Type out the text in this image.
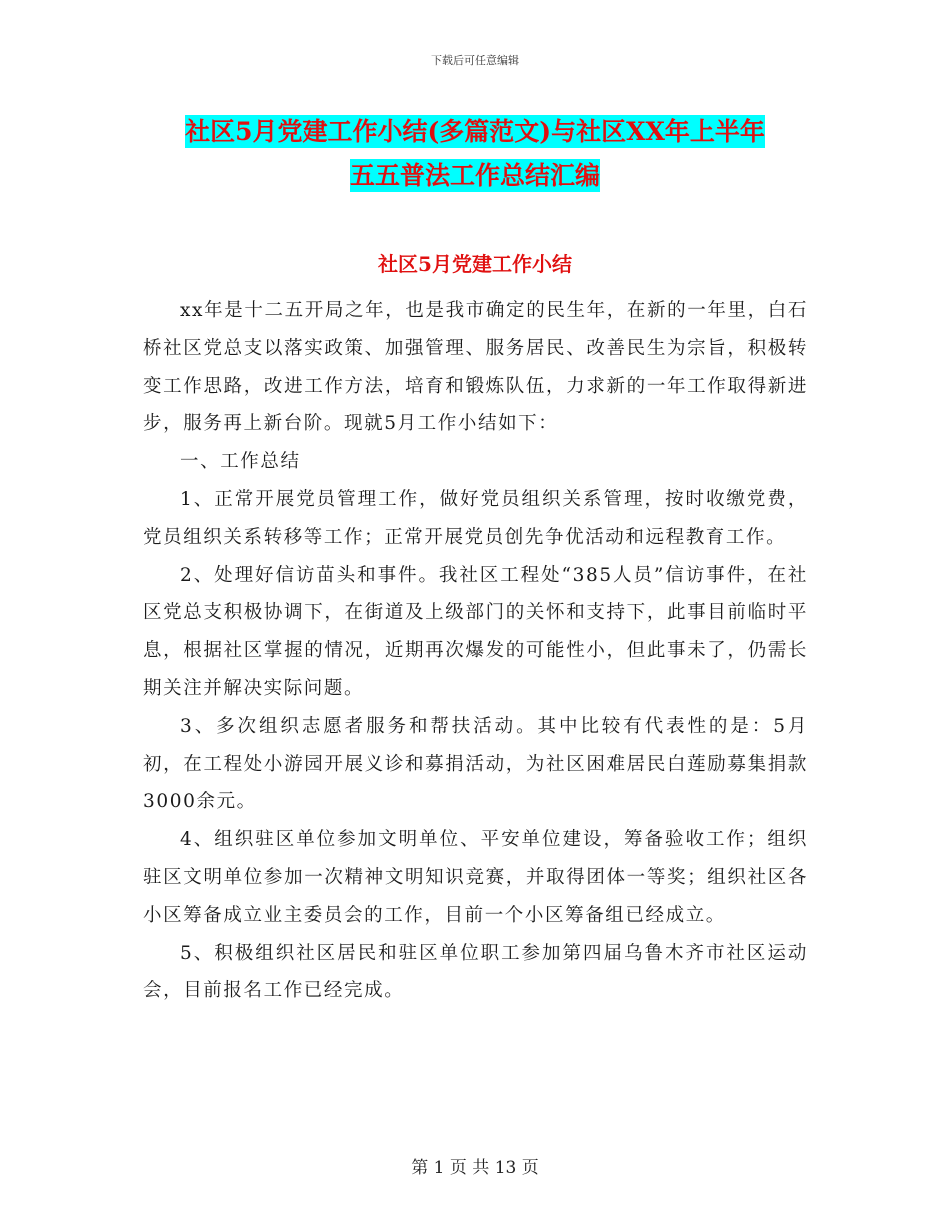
下载后可任意编辑
社区5月党建工作小结(多篇范文)与社区XX年上半年
五五普法工作总结汇编
社区5月党建工作小结

xx年是十二五开局之年，也是我市确定的民生年，在新的一年里，白石桥社区党总支以落实政策、加强管理、服务居民、改善民生为宗旨，积极转变工作思路，改进工作方法，培育和锻炼队伍，力求新的一年工作取得新进步，服务再上新台阶。现就5月工作小结如下：

一、工作总结

1、正常开展党员管理工作，做好党员组织关系管理，按时收缴党费，党员组织关系转移等工作；正常开展党员创先争优活动和远程教育工作。

2、处理好信访苗头和事件。我社区工程处“385人员”信访事件，在社区党总支积极协调下，在街道及上级部门的关怀和支持下，此事目前临时平息，根据社区掌握的情况，近期再次爆发的可能性小，但此事未了，仍需长期关注并解决实际问题。

3、多次组织志愿者服务和帮扶活动。其中比较有代表性的是：5月初，在工程处小游园开展义诊和募捐活动，为社区困难居民白莲励募集捐款3000余元。

4、组织驻区单位参加文明单位、平安单位建设，筹备验收工作；组织驻区文明单位参加一次精神文明知识竞赛，并取得团体一等奖；组织社区各小区筹备成立业主委员会的工作，目前一个小区筹备组已经成立。

5、积极组织社区居民和驻区单位职工参加第四届乌鲁木齐市社区运动会，目前报名工作已经完成。

第 1 页 共 13 页
